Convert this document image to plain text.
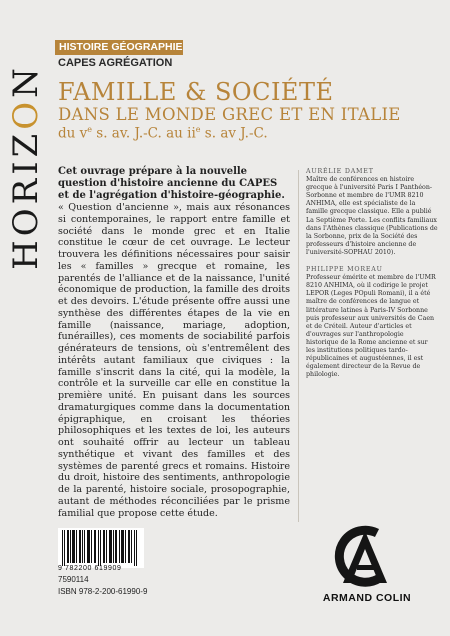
HORIZON
HISTOIRE GÉOGRAPHIE
CAPES AGRÉGATION
FAMILLE & SOCIÉTÉ
DANS LE MONDE GREC ET EN ITALIE
du $v^e$ s. av. J.-C. au $ii^e$ s. av J.-C.

Cet ouvrage prépare à la nouvelle question d'histoire ancienne du CAPES et de l'agrégation d'histoire-géographie.

« Question d'ancienne », mais aux résonances si contemporaines, le rapport entre famille et société dans le monde grec et en Italie constitue le cœur de cet ouvrage. Le lecteur trouvera les définitions nécessaires pour saisir les « familles » grecque et romaine, les parentés de l'alliance et de la naissance, l'unité économique de production, la famille des droits et des devoirs. L'étude présente offre aussi une synthèse des différentes étapes de la vie en famille (naissance, mariage, adoption, funérailles), ces moments de sociabilité parfois générateurs de tensions, où s'entremêlent des intérêts autant familiaux que civiques : la famille s'inscrit dans la cité, qui la modèle, la contrôle et la surveille car elle en constitue la première unité. En puisant dans les sources dramaturgiques comme dans la documentation épigraphique, en croisant les théories philosophiques et les textes de loi, les auteurs ont souhaité offrir au lecteur un tableau synthétique et vivant des familles et des systèmes de parenté grecs et romains. Histoire du droit, histoire des sentiments, anthropologie de la parenté, histoire sociale, prosopographie, autant de méthodes réconciliées par le prisme familial que propose cette étude.

AURÉLIE DAMET

Maître de conférences en histoire grecque à l'université Paris I Panthéon-Sorbonne et membre de l'UMR 8210 ANHIMA, elle est spécialiste de la famille grecque classique. Elle a publié La Septième Porte. Les conflits familiaux dans l'Athènes classique (Publications de la Sorbonne, prix de la Société des professeurs d'histoire ancienne de l'université-SOPHAU 2010).

PHILIPPE MOREAU

Professeur émérite et membre de l'UMR 8210 ANHIMA, où il codirige le projet LEPOR (Leges POpuli Romani), il a été maître de conférences de langue et littérature latines à Paris-IV Sorbonne puis professeur aux universités de Caen et de Créteil. Auteur d'articles et d'ouvrages sur l'anthropologie historique de la Rome ancienne et sur les institutions politiques tardo-républicaines et augustéennes, il est également directeur de la Revue de philologie.

9 782200 619909
7590114
ISBN 978-2-200-61990-9
ARMAND COLIN
